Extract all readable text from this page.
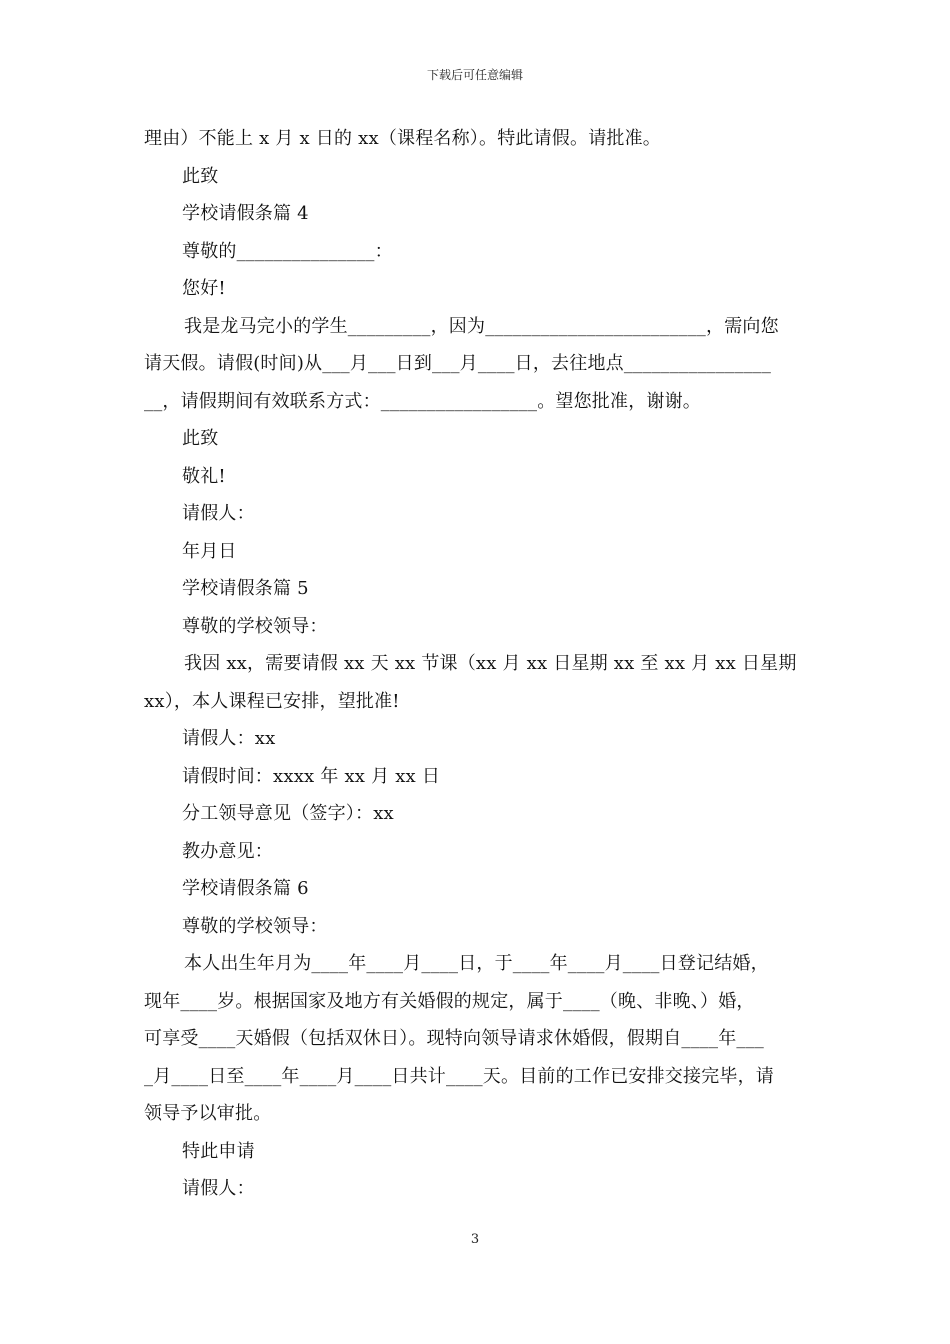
下载后可任意编辑
理由）不能上 x 月 x 日的 xx（课程名称）。特此请假。请批准。
此致
学校请假条篇 4
尊敬的_______________：
您好!
我是龙马完小的学生_________，因为________________________，需向您
请天假。请假(时间)从___月___日到___月____日，去往地点________________
__，请假期间有效联系方式：_________________。望您批准，谢谢。
此致
敬礼!
请假人：
年月日
学校请假条篇 5
尊敬的学校领导：
我因 xx，需要请假 xx 天 xx 节课（xx 月 xx 日星期 xx 至 xx 月 xx 日星期
xx），本人课程已安排，望批准!
请假人：xx
请假时间：xxxx 年 xx 月 xx 日
分工领导意见（签字）：xx
教办意见：
学校请假条篇 6
尊敬的学校领导：
本人出生年月为____年____月____日，于____年____月____日登记结婚，
现年____岁。根据国家及地方有关婚假的规定，属于____（晚、非晚、）婚，
可享受____天婚假（包括双休日）。现特向领导请求休婚假，假期自____年___
_月____日至____年____月____日共计____天。目前的工作已安排交接完毕，请
领导予以审批。
特此申请
请假人：
3
